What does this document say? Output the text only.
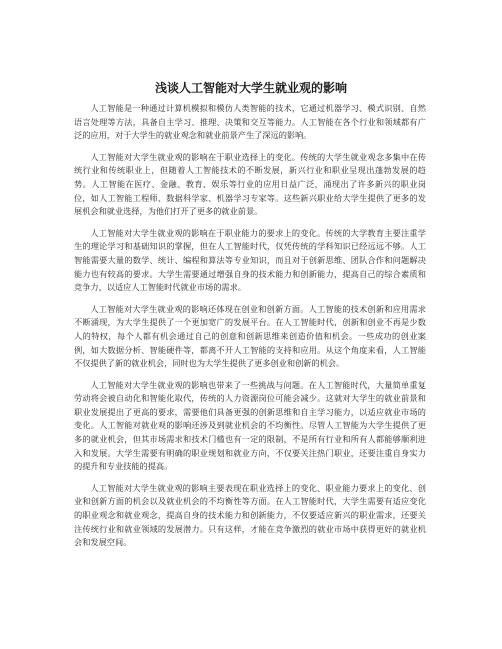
浅谈人工智能对大学生就业观的影响

人工智能是一种通过计算机模拟和模仿人类智能的技术，它通过机器学习、模式识别、自然语言处理等方法，具备自主学习、推理、决策和交互等能力。人工智能在各个行业和领域都有广泛的应用，对于大学生的就业观念和就业前景产生了深远的影响。

人工智能对大学生就业观的影响在于职业选择上的变化。传统的大学生就业观念多集中在传统行业和传统职业上，但随着人工智能技术的不断发展，新兴行业和职业呈现出蓬勃发展的趋势。人工智能在医疗、金融、教育、娱乐等行业的应用日益广泛，涌现出了许多新兴的职业岗位，如人工智能工程师、数据科学家、机器学习专家等。这些新兴职业给大学生提供了更多的发展机会和就业选择，为他们打开了更多的就业前景。

人工智能对大学生就业观的影响在于职业能力的要求上的变化。传统的大学教育主要注重学生的理论学习和基础知识的掌握，但在人工智能时代，仅凭传统的学科知识已经远远不够。人工智能需要大量的数学、统计、编程和算法等专业知识，而且对于创新思维、团队合作和问题解决能力也有较高的要求。大学生需要通过增强自身的技术能力和创新能力，提高自己的综合素质和竞争力，以适应人工智能时代就业市场的需求。

人工智能对大学生就业观的影响还体现在创业和创新方面。人工智能的技术创新和应用需求不断涌现，为大学生提供了一个更加宽广的发展平台。在人工智能时代，创新和创业不再是少数人的特权，每个人都有机会通过自己的创意和创新思维来创造价值和机会。一些成功的创业案例，如大数据分析、智能硬件等，都离不开人工智能的支持和应用。从这个角度来看，人工智能不仅提供了新的就业机会，同时也为大学生提供了更多创业和创新的机会。

人工智能对大学生就业观的影响也带来了一些挑战与问题。在人工智能时代，大量简单重复劳动将会被自动化和智能化取代，传统的人力资源岗位可能会减少。这就对大学生的就业前景和职业发展提出了更高的要求，需要他们具备更强的创新思维和自主学习能力，以适应就业市场的变化。人工智能对就业观的影响还涉及到就业机会的不均衡性。尽管人工智能为大学生提供了更多的就业机会，但其市场需求和技术门槛也有一定的限制，不是所有行业和所有人都能够顺利进入和发展。大学生需要有明确的职业规划和就业方向，不仅要关注热门职业，还要注重自身实力的提升和专业技能的提高。

人工智能对大学生就业观的影响主要表现在职业选择上的变化、职业能力要求上的变化、创业和创新方面的机会以及就业机会的不均衡性等方面。在人工智能时代，大学生需要有适应变化的职业观念和就业观念，提高自身的技术能力和创新能力，不仅要适应新兴的职业需求，还要关注传统行业和就业领域的发展潜力。只有这样，才能在竞争激烈的就业市场中获得更好的就业机会和发展空间。
